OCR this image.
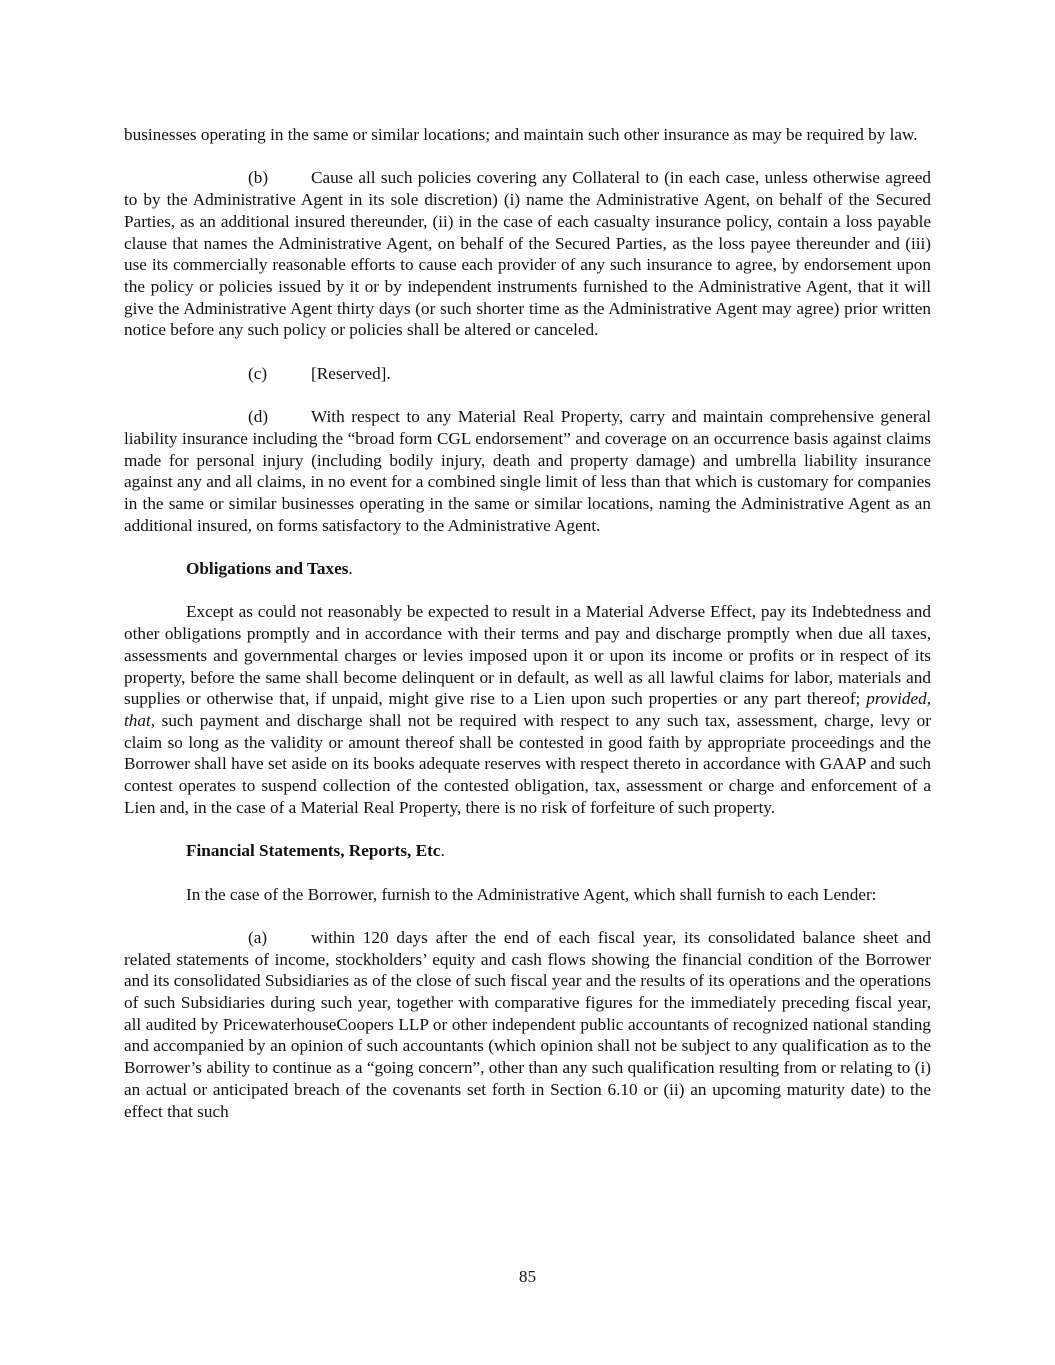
businesses operating in the same or similar locations; and maintain such other insurance as may be required by law.

(b) Cause all such policies covering any Collateral to (in each case, unless otherwise agreed to by the Administrative Agent in its sole discretion) (i) name the Administrative Agent, on behalf of the Secured Parties, as an additional insured thereunder, (ii) in the case of each casualty insurance policy, contain a loss payable clause that names the Administrative Agent, on behalf of the Secured Parties, as the loss payee thereunder and (iii) use its commercially reasonable efforts to cause each provider of any such insurance to agree, by endorsement upon the policy or policies issued by it or by independent instruments furnished to the Administrative Agent, that it will give the Administrative Agent thirty days (or such shorter time as the Administrative Agent may agree) prior written notice before any such policy or policies shall be altered or canceled.

(c)	[Reserved].

(d) With respect to any Material Real Property, carry and maintain comprehensive general liability insurance including the “broad form CGL endorsement” and coverage on an occurrence basis against claims made for personal injury (including bodily injury, death and property damage) and umbrella liability insurance against any and all claims, in no event for a combined single limit of less than that which is customary for companies in the same or similar businesses operating in the same or similar locations, naming the Administrative Agent as an additional insured, on forms satisfactory to the Administrative Agent.

Obligations and Taxes.

Except as could not reasonably be expected to result in a Material Adverse Effect, pay its Indebtedness and other obligations promptly and in accordance with their terms and pay and discharge promptly when due all taxes, assessments and governmental charges or levies imposed upon it or upon its income or profits or in respect of its property, before the same shall become delinquent or in default, as well as all lawful claims for labor, materials and supplies or otherwise that, if unpaid, might give rise to a Lien upon such properties or any part thereof; provided, that, such payment and discharge shall not be required with respect to any such tax, assessment, charge, levy or claim so long as the validity or amount thereof shall be contested in good faith by appropriate proceedings and the Borrower shall have set aside on its books adequate reserves with respect thereto in accordance with GAAP and such contest operates to suspend collection of the contested obligation, tax, assessment or charge and enforcement of a Lien and, in the case of a Material Real Property, there is no risk of forfeiture of such property.

Financial Statements, Reports, Etc.

In the case of the Borrower, furnish to the Administrative Agent, which shall furnish to each Lender:

(a)	within 120 days after the end of each fiscal year, its consolidated balance sheet and related statements of income, stockholders’ equity and cash flows showing the financial condition of the Borrower and its consolidated Subsidiaries as of the close of such fiscal year and the results of its operations and the operations of such Subsidiaries during such year, together with comparative figures for the immediately preceding fiscal year, all audited by PricewaterhouseCoopers LLP or other independent public accountants of recognized national standing and accompanied by an opinion of such accountants (which opinion shall not be subject to any qualification as to the Borrower’s ability to continue as a “going concern”, other than any such qualification resulting from or relating to (i) an actual or anticipated breach of the covenants set forth in Section 6.10 or (ii) an upcoming maturity date) to the effect that such

85
